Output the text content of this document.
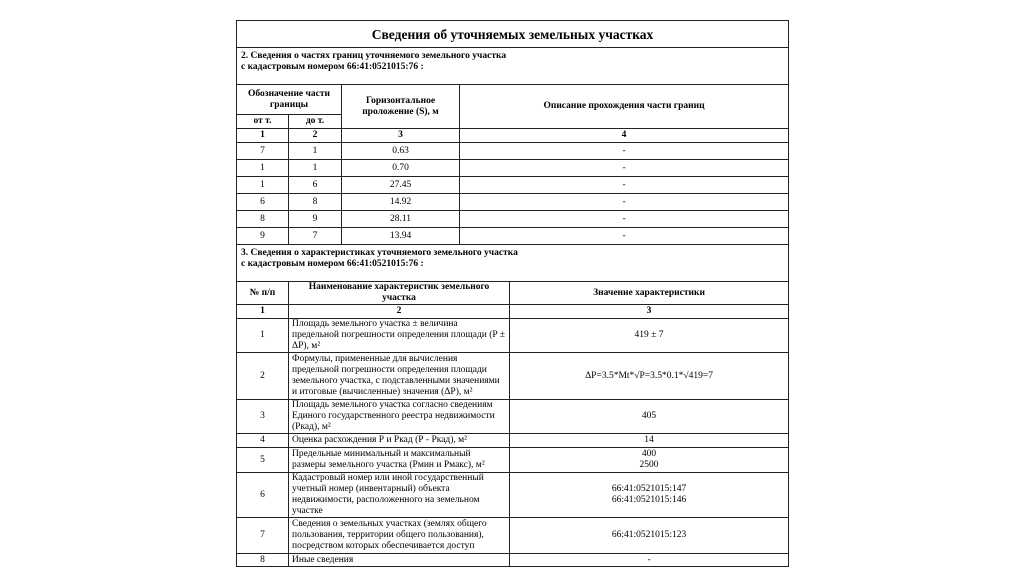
Сведения об уточняемых земельных участках				
2. Сведения о частях границ уточняемого земельного участка
с кадастровым номером 66:41:0521015:76 :				
Обозначение части границы		Горизонтальное проложение (S), м	Описание прохождения части границ	
от т.	до т.			
1	2	3	4	
7	1	0.63	-	
1	1	0.70	-	
1	6	27.45	-	
6	8	14.92	-	
8	9	28.11	-	
9	7	13.94	-	
3. Сведения о характеристиках уточняемого земельного участка
с кадастровым номером 66:41:0521015:76 :				
№ п/п	Наименование характеристик земельного участка			Значение характеристики
1	2			3
1	Площадь земельного участка ± величина предельной погрешности определения площади (P ± ΔP), м²			419 ± 7
2	Формулы, примененные для вычисления предельной погрешности определения площади земельного участка, с подставленными значениями и итоговые (вычисленные) значения (ΔP), м²			ΔP=3.5*Mt*√P=3.5*0.1*√419=7
3	Площадь земельного участка согласно сведениям Единого государственного реестра недвижимости (Ркад), м²			405
4	Оценка расхождения Р и Ркад (Р - Ркад), м²			14
5	Предельные минимальный и максимальный размеры земельного участка (Рмин и Рмакс), м²			400
2500
6	Кадастровый номер или иной государственный учетный номер (инвентарный) объекта недвижимости, расположенного на земельном участке			66:41:0521015:147
66:41:0521015:146
7	Сведения о земельных участках (землях общего пользования, территории общего пользования), посредством которых обеспечивается доступ			66:41:0521015:123
8	Иные сведения			-
